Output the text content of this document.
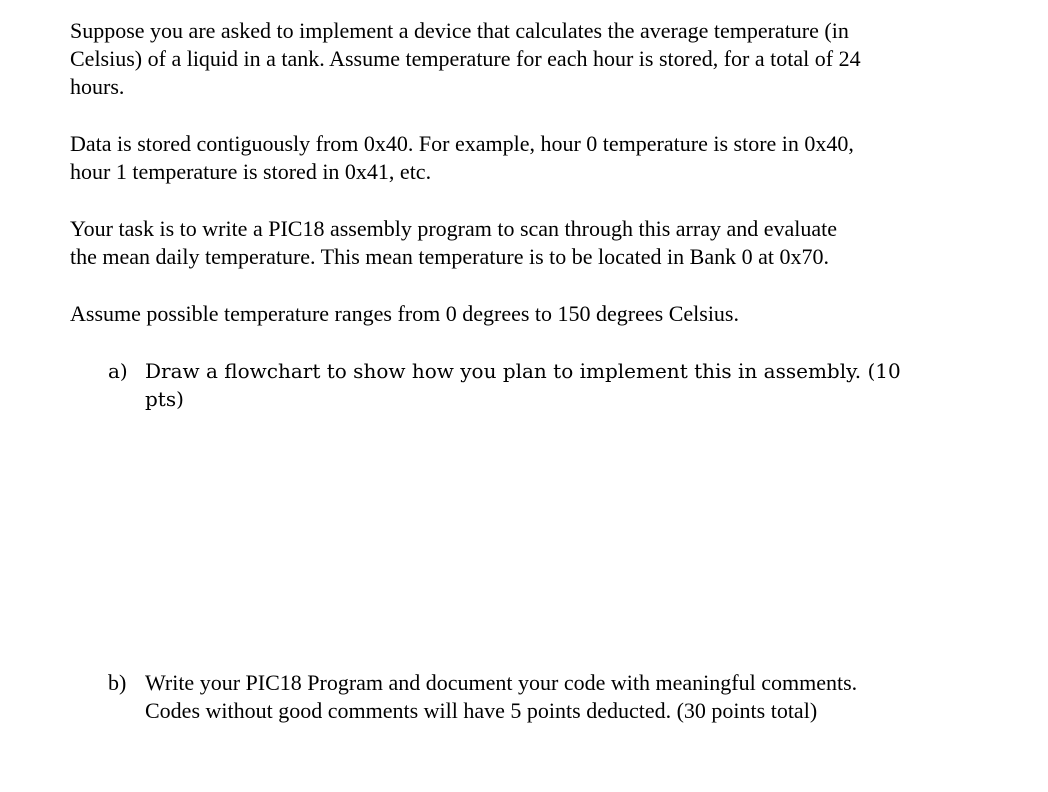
Suppose you are asked to implement a device that calculates the average temperature (in
Celsius) of a liquid in a tank. Assume temperature for each hour is stored, for a total of 24
hours.

Data is stored contiguously from 0x40. For example, hour 0 temperature is store in 0x40,
hour 1 temperature is stored in 0x41, etc.

Your task is to write a PIC18 assembly program to scan through this array and evaluate
the mean daily temperature. This mean temperature is to be located in Bank 0 at 0x70.

Assume possible temperature ranges from 0 degrees to 150 degrees Celsius.

a) Draw a flowchart to show how you plan to implement this in assembly. (10
pts)
b) Write your PIC18 Program and document your code with meaningful comments.
Codes without good comments will have 5 points deducted. (30 points total)
